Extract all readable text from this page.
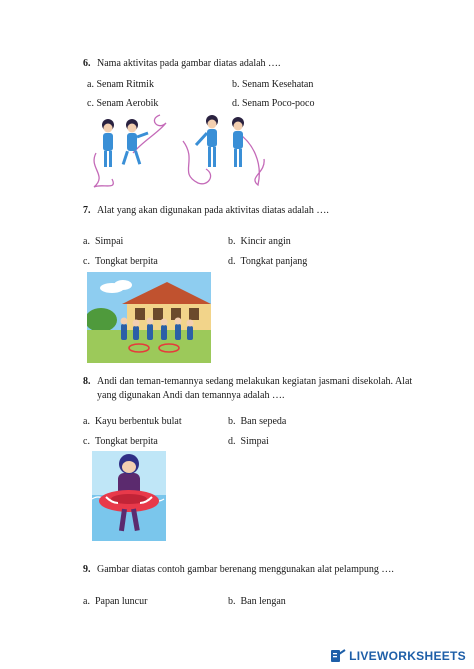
6. Nama aktivitas pada gambar diatas adalah ….
a. Senam Ritmik	b. Senam Kesehatan
c. Senam Aerobik	d. Senam Poco-poco
7. Alat yang akan digunakan pada aktivitas diatas adalah ….
a. Simpai	b. Kincir angin
c. Tongkat berpita	d. Tongkat panjang
8. Andi dan teman-temannya sedang melakukan kegiatan jasmani disekolah. Alat
yang digunakan Andi dan temannya adalah ….
a. Kayu berbentuk bulat	b. Ban sepeda
c. Tongkat berpita	d. Simpai
9. Gambar diatas contoh gambar berenang menggunakan alat pelampung ….
a. Papan luncur	b. Ban lengan
LIVEWORKSHEETS
